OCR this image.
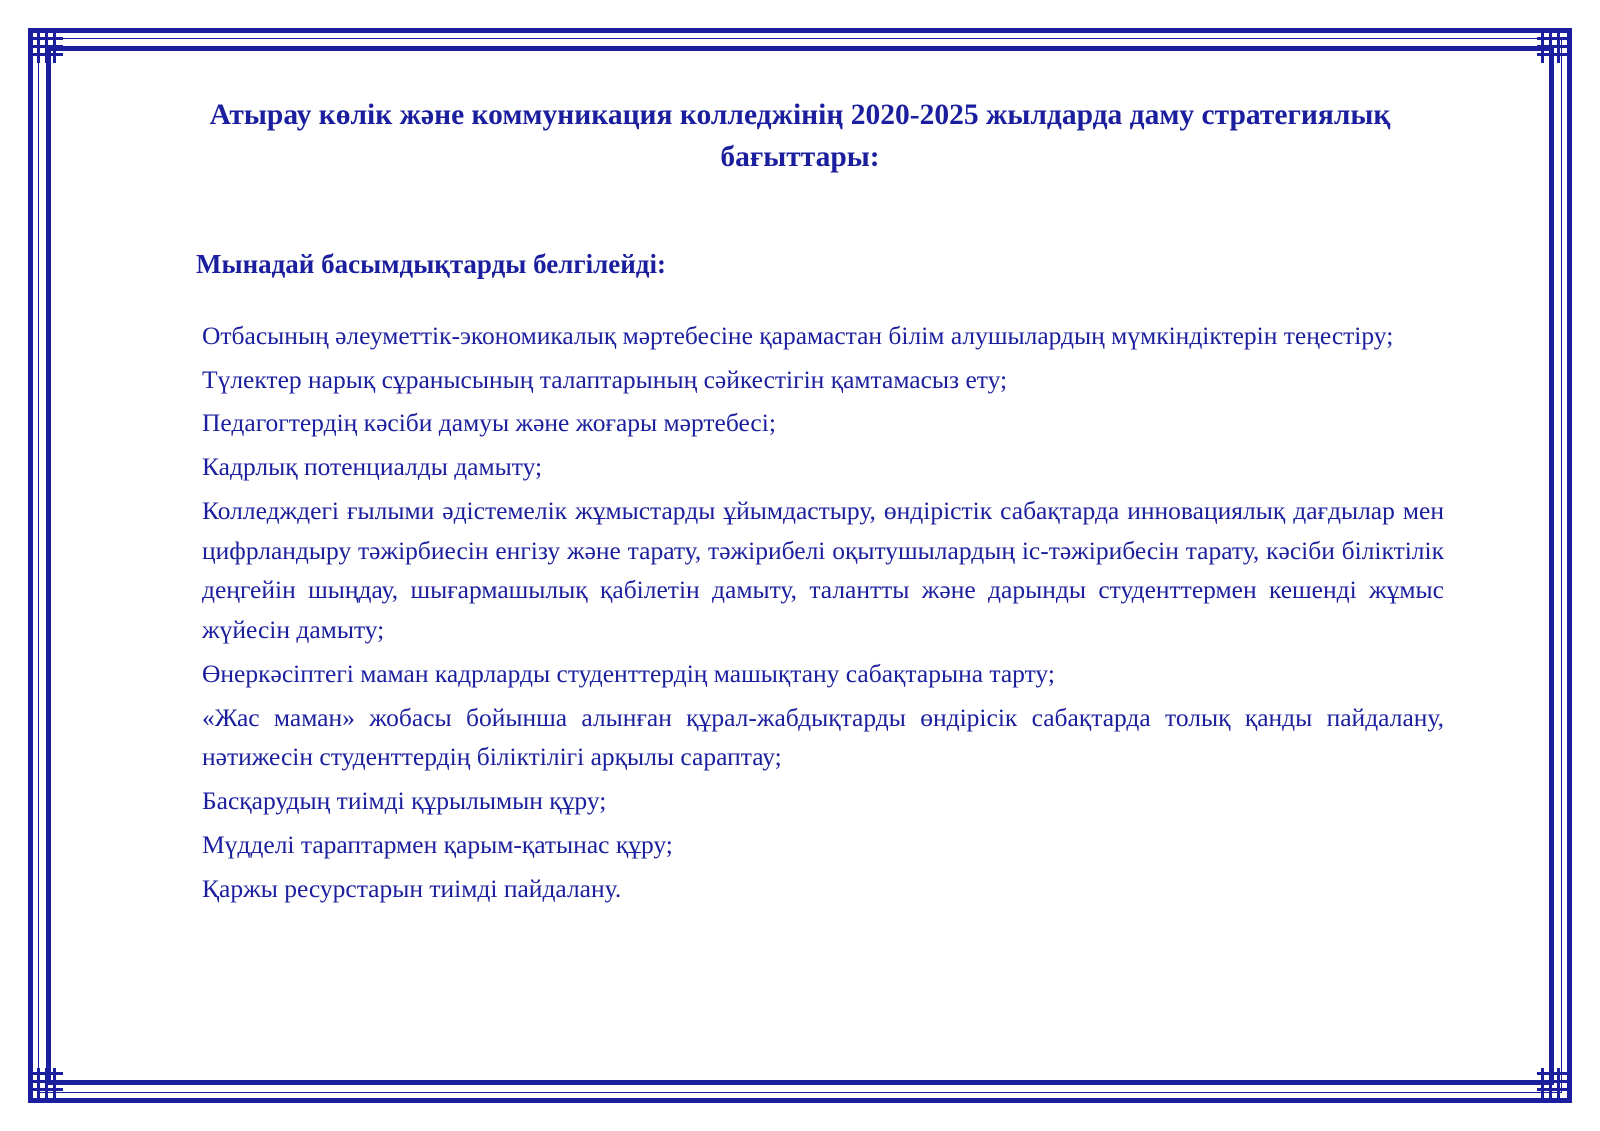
Атырау көлік және коммуникация колледжінің 2020-2025 жылдарда даму стратегиялық бағыттары:
Мынадай басымдықтарды белгілейді:
Отбасының әлеуметтік-экономикалық мәртебесіне қарамастан білім алушылардың мүмкіндіктерін теңестіру;
Түлектер нарық сұранысының талаптарының сәйкестігін қамтамасыз ету;
Педагогтердің кәсіби дамуы және жоғары мәртебесі;
Кадрлық потенциалды дамыту;
Колледждегі ғылыми әдістемелік жұмыстарды ұйымдастыру, өндірістік сабақтарда инновациялық дағдылар мен цифрландыру тәжірбиесін енгізу және тарату, тәжірибелі оқытушылардың іс-тәжірибесін тарату, кәсіби біліктілік деңгейін шыңдау, шығармашылық қабілетін дамыту, талантты және дарынды студенттермен кешенді жұмыс жүйесін дамыту;
Өнеркәсіптегі маман кадрларды студенттердің машықтану сабақтарына тарту;
«Жас маман» жобасы бойынша алынған құрал-жабдықтарды өндірісік сабақтарда толық қанды пайдалану, нәтижесін студенттердің біліктілігі арқылы сараптау;
Басқарудың тиімді құрылымын құру;
Мүдделі тараптармен қарым-қатынас құру;
Қаржы ресурстарын тиімді пайдалану.
